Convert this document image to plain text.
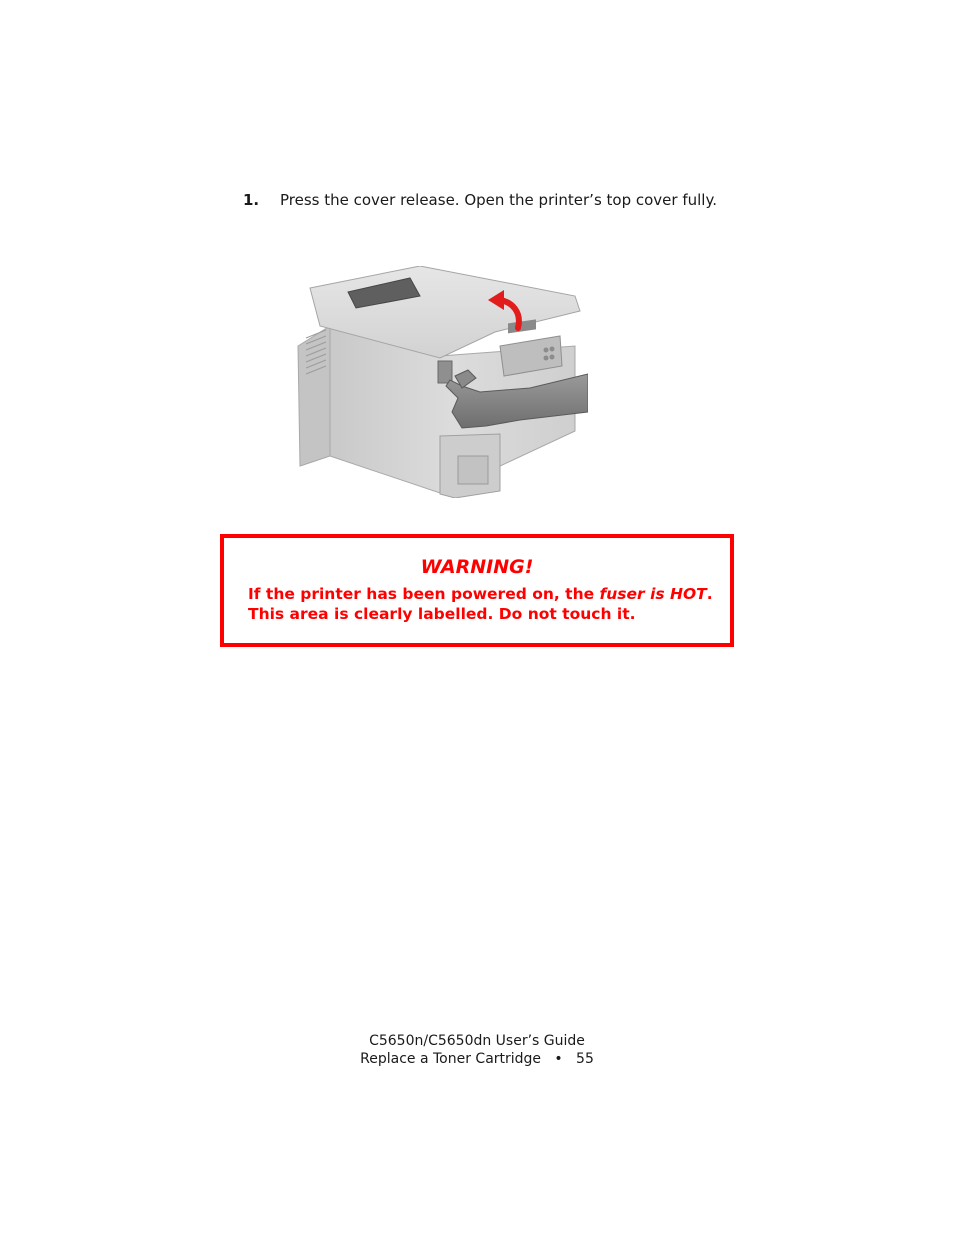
1. Press the cover release. Open the printer’s top cover fully.
WARNING!
If the printer has been powered on, the fuser is HOT. This area is clearly labelled. Do not touch it.
C5650n/C5650dn User’s Guide
Replace a Toner Cartridge • 55
